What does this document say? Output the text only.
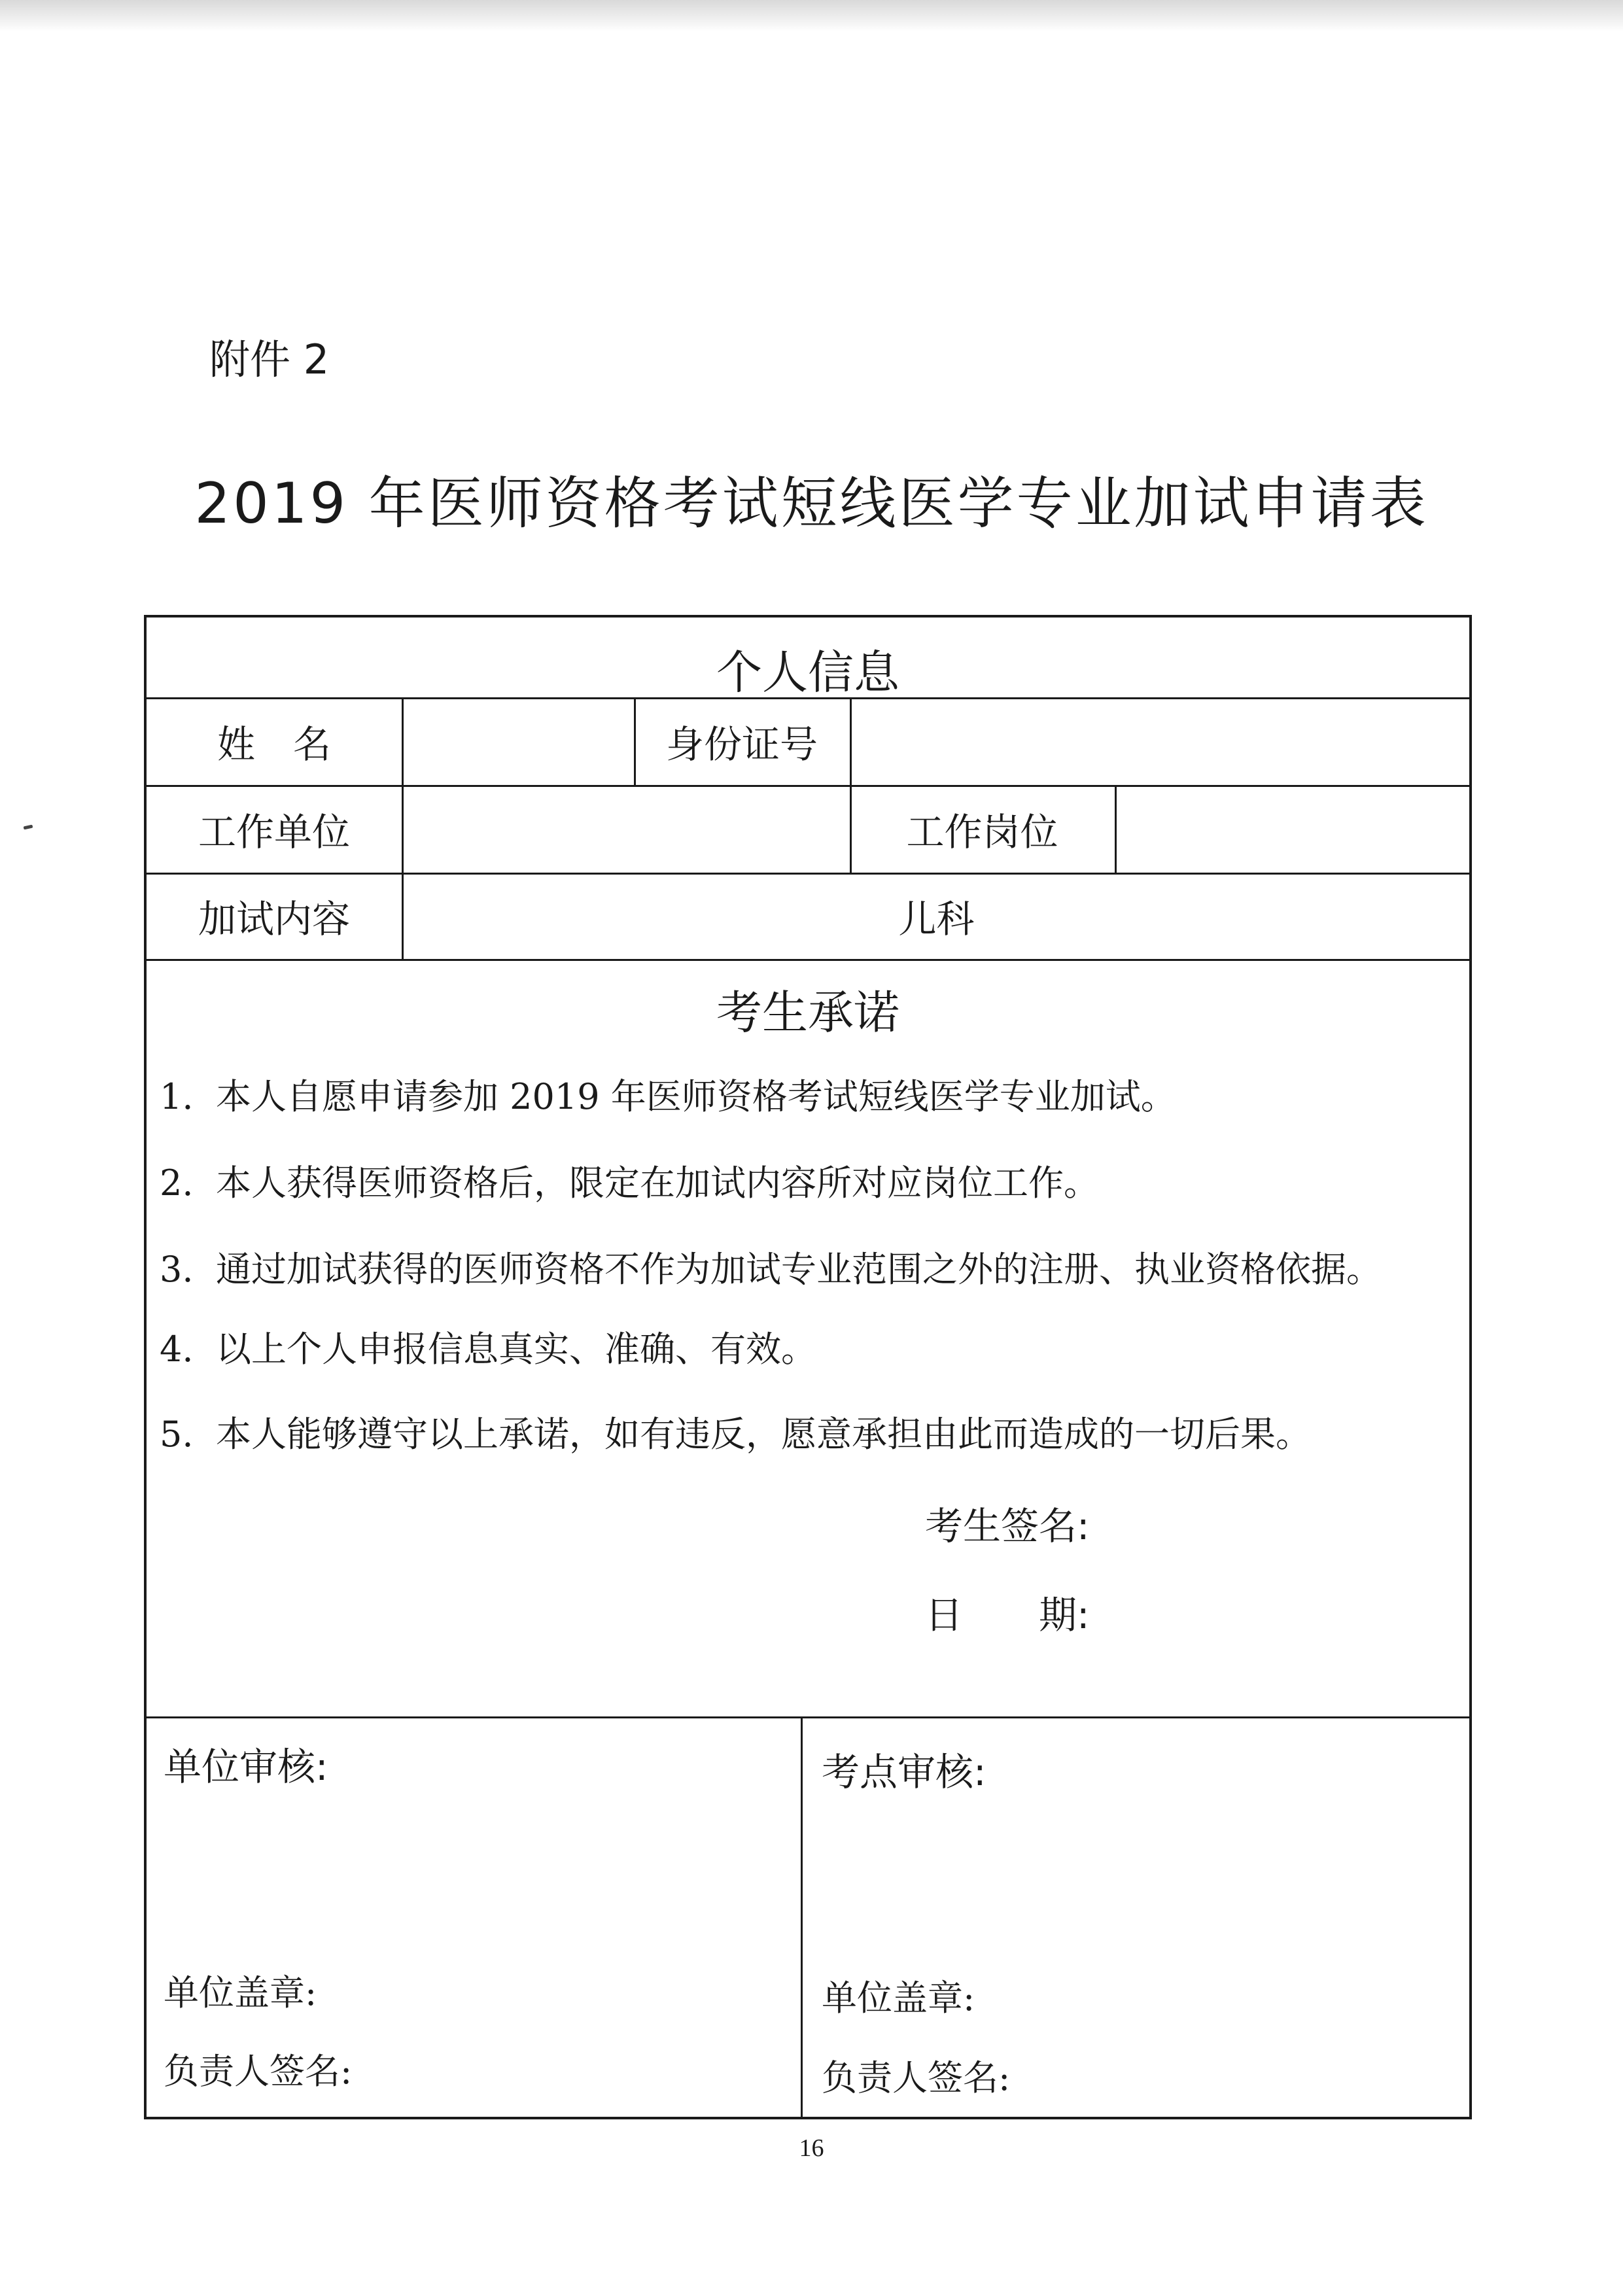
附件 2
2019 年医师资格考试短线医学专业加试申请表
个人信息
姓　名	身份证号
工作单位	工作岗位
加试内容	儿科
考生承诺
1. 本人自愿申请参加 2019 年医师资格考试短线医学专业加试。
2. 本人获得医师资格后，限定在加试内容所对应岗位工作。
3. 通过加试获得的医师资格不作为加试专业范围之外的注册、执业资格依据。
4. 以上个人申报信息真实、准确、有效。
5. 本人能够遵守以上承诺，如有违反，愿意承担由此而造成的一切后果。
考生签名:
日　　期:
单位审核:
单位盖章:
负责人签名:
考点审核:
单位盖章:
负责人签名:
16
